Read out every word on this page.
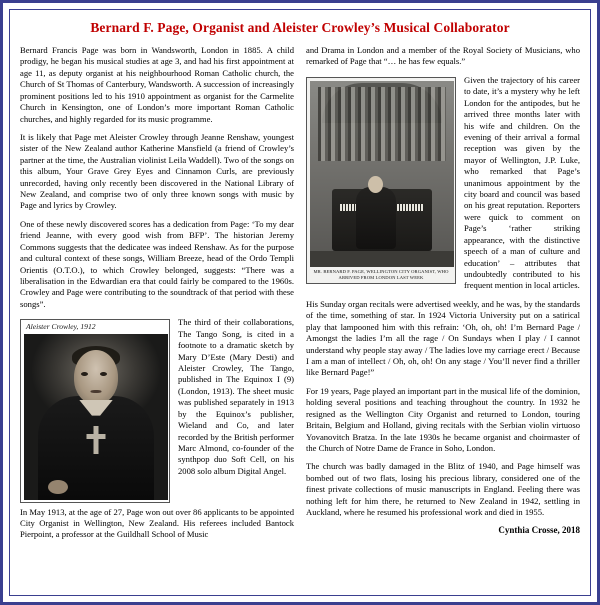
Bernard F. Page, Organist and Aleister Crowley’s Musical Collaborator

Bernard Francis Page was born in Wandsworth, London in 1885. A child prodigy, he began his musical studies at age 3, and had his first appointment at age 11, as deputy organist at his neighbourhood Roman Catholic church, the Church of St Thomas of Canterbury, Wandsworth. A succession of increasingly prominent positions led to his 1910 appointment as organist for the Carmelite Church in Kensington, one of London’s more important Roman Catholic churches, and highly regarded for its music programme.

It is likely that Page met Aleister Crowley through Jeanne Renshaw, youngest sister of the New Zealand author Katherine Mansfield (a friend of Crowley’s partner at the time, the Australian violinist Leila Waddell). Two of the songs on this album, Your Grave Grey Eyes and Cinnamon Curls, are previously unrecorded, having only recently been discovered in the National Library of New Zealand, and comprise two of only three known songs with music by Page and lyrics by Crowley.

One of these newly discovered scores has a dedication from Page: ‘To my dear friend Jeanne, with every good wish from BFP’. The historian Jeremy Commons suggests that the dedicatee was indeed Renshaw. As for the purpose and cultural context of these songs, William Breeze, head of the Ordo Templi Orientis (O.T.O.), to which Crowley belonged, suggests: “There was a liberalisation in the Edwardian era that could fairly be compared to the 1960s. Crowley and Page were contributing to the soundtrack of that period with these songs”.

Aleister Crowley, 1912	The third of their collaborations, The Tango Song, is cited in a footnote to a dramatic sketch by Mary D’Este (Mary Desti) and Aleister Crowley, The Tango, published in The Equinox I (9) (London, 1913). The sheet music was published separately in 1913 by the Equinox’s publisher, Wieland and Co, and later recorded by the British performer Marc Almond, co-founder of the synthpop duo Soft Cell, on his 2008 solo album Digital Angel.

In May 1913, at the age of 27, Page won out over 86 applicants to be appointed City Organist in Wellington, New Zealand. His referees included Bantock Pierpoint, a professor at the Guildhall School of Music

and Drama in London and a member of the Royal Society of Musicians, who remarked of Page that “… he has few equals.”

MR. BERNARD F. PAGE, WELLINGTON CITY ORGANIST, WHO ARRIVED FROM LONDON LAST WEEK

Given the trajectory of his career to date, it’s a mystery why he left London for the antipodes, but he arrived three months later with his wife and children. On the evening of their arrival a formal reception was given by the mayor of Wellington, J.P. Luke, who remarked that Page’s unanimous appointment by the city board and council was based on his great reputation. Reporters were quick to comment on Page’s ‘rather striking appearance, with the distinctive speech of a man of culture and education’ – attributes that undoubtedly contributed to his frequent mention in local articles.

His Sunday organ recitals were advertised weekly, and he was, by the standards of the time, something of star. In 1924 Victoria University put on a satirical play that lampooned him with this refrain: ‘Oh, oh, oh! I’m Bernard Page / Amongst the ladies I’m all the rage / On Sundays when I play / I cannot understand why people stay away / The ladies love my carriage erect / Because I am a man of intellect / Oh, oh, oh! On any stage / You’ll never find a thriller like Bernard Page!”

For 19 years, Page played an important part in the musical life of the dominion, holding several positions and teaching throughout the country. In 1932 he resigned as the Wellington City Organist and returned to London, touring Britain, Belgium and Holland, giving recitals with the Serbian violin virtuoso Yovanovitch Bratza. In the late 1930s he became organist and choirmaster of the Church of Notre Dame de France in Soho, London.

The church was badly damaged in the Blitz of 1940, and Page himself was bombed out of two flats, losing his precious library, considered one of the finest private collections of music manuscripts in England. Feeling there was nothing left for him there, he returned to New Zealand in 1942, settling in Auckland, where he resumed his professional work and died in 1955.

Cynthia Crosse, 2018
